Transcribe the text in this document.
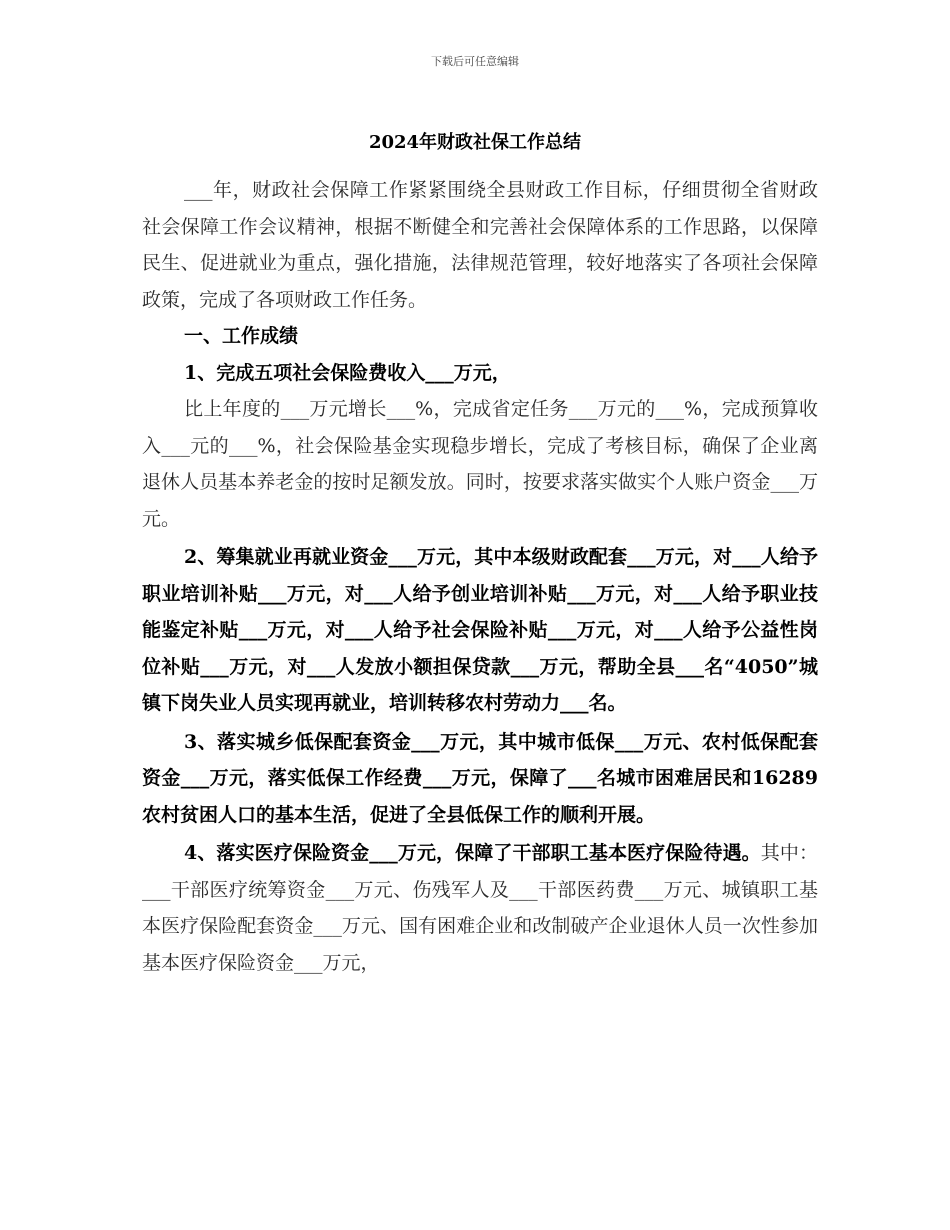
下载后可任意编辑
2024年财政社保工作总结

___年，财政社会保障工作紧紧围绕全县财政工作目标，仔细贯彻全省财政社会保障工作会议精神，根据不断健全和完善社会保障体系的工作思路，以保障民生、促进就业为重点，强化措施，法律规范管理，较好地落实了各项社会保障政策，完成了各项财政工作任务。

一、工作成绩

1、完成五项社会保险费收入___万元，

比上年度的___万元增长___%，完成省定任务___万元的___%，完成预算收入___元的___%，社会保险基金实现稳步增长，完成了考核目标，确保了企业离退休人员基本养老金的按时足额发放。同时，按要求落实做实个人账户资金___万元。

2、筹集就业再就业资金___万元，其中本级财政配套___万元，对___人给予职业培训补贴___万元，对___人给予创业培训补贴___万元，对___人给予职业技能鉴定补贴___万元，对___人给予社会保险补贴___万元，对___人给予公益性岗位补贴___万元，对___人发放小额担保贷款___万元，帮助全县___名“4050”城镇下岗失业人员实现再就业，培训转移农村劳动力___名。

3、落实城乡低保配套资金___万元，其中城市低保___万元、农村低保配套资金___万元，落实低保工作经费___万元，保障了___名城市困难居民和16289农村贫困人口的基本生活，促进了全县低保工作的顺利开展。

4、落实医疗保险资金___万元，保障了干部职工基本医疗保险待遇。其中：___干部医疗统筹资金___万元、伤残军人及___干部医药费___万元、城镇职工基本医疗保险配套资金___万元、国有困难企业和改制破产企业退休人员一次性参加基本医疗保险资金___万元，
